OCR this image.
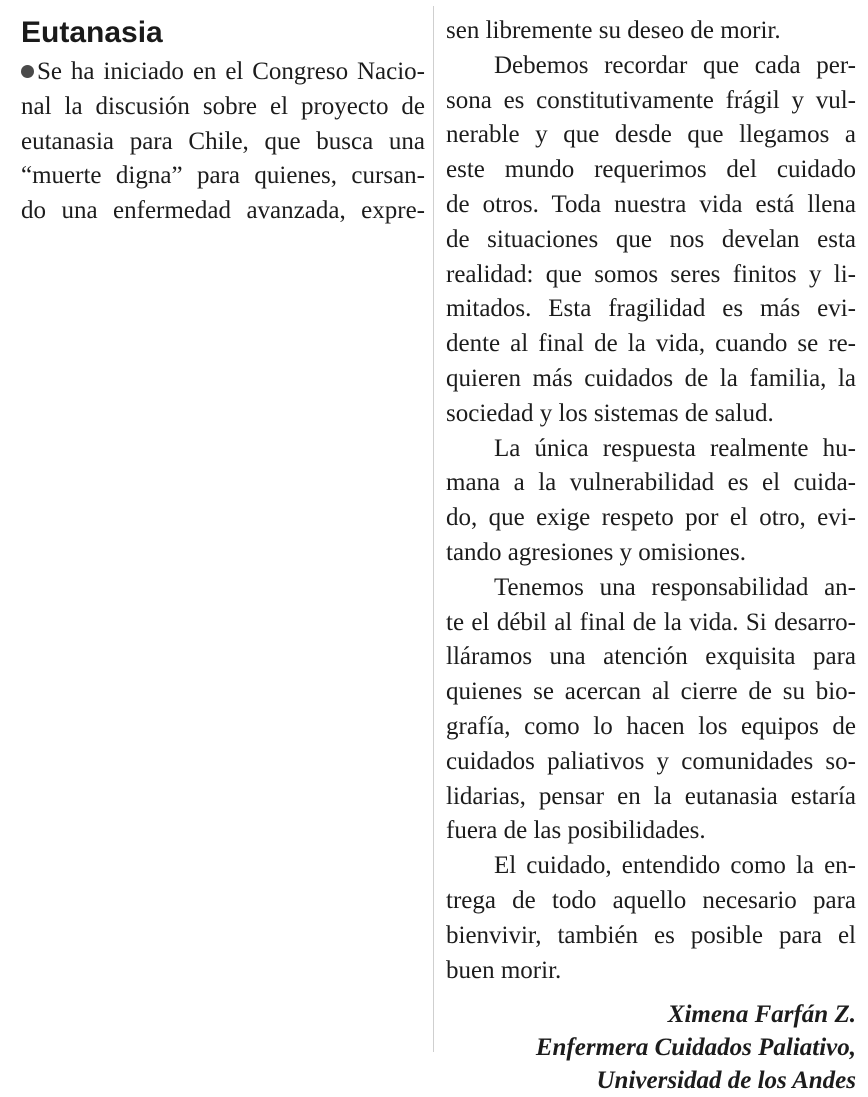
Eutanasia
Se ha iniciado en el Congreso Nacio-
nal la discusión sobre el proyecto de
eutanasia para Chile, que busca una
“muerte digna” para quienes, cursan-
do una enfermedad avanzada, expre-

sen libremente su deseo de morir.

Debemos recordar que cada per-
sona es constitutivamente frágil y vul-
nerable y que desde que llegamos a
este mundo requerimos del cuidado
de otros. Toda nuestra vida está llena
de situaciones que nos develan esta
realidad: que somos seres finitos y li-
mitados. Esta fragilidad es más evi-
dente al final de la vida, cuando se re-
quieren más cuidados de la familia, la
sociedad y los sistemas de salud.

La única respuesta realmente hu-
mana a la vulnerabilidad es el cuida-
do, que exige respeto por el otro, evi-
tando agresiones y omisiones.

Tenemos una responsabilidad an-
te el débil al final de la vida. Si desarro-
lláramos una atención exquisita para
quienes se acercan al cierre de su bio-
grafía, como lo hacen los equipos de
cuidados paliativos y comunidades so-
lidarias, pensar en la eutanasia estaría
fuera de las posibilidades.

El cuidado, entendido como la en-
trega de todo aquello necesario para
bienvivir, también es posible para el
buen morir.

Ximena Farfán Z.
Enfermera Cuidados Paliativo,
Universidad de los Andes
